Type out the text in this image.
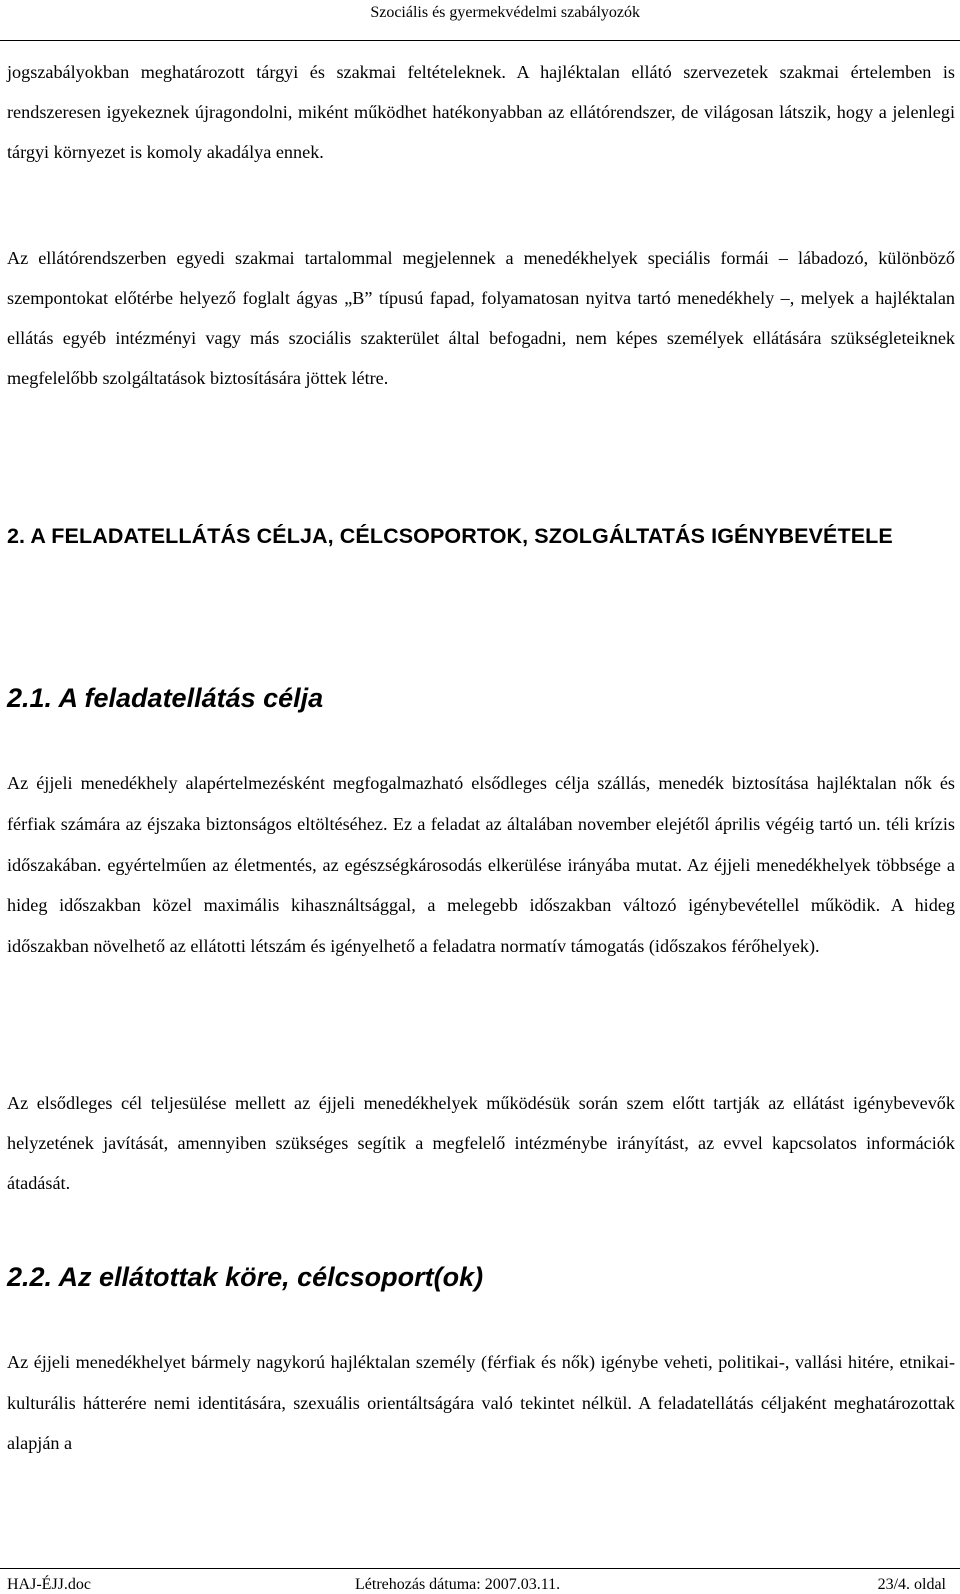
Szociális és gyermekvédelmi szabályozók

jogszabályokban meghatározott tárgyi és szakmai feltételeknek. A hajléktalan ellátó szervezetek szakmai értelemben is rendszeresen igyekeznek újragondolni, miként működhet hatékonyabban az ellátórendszer, de világosan látszik, hogy a jelenlegi tárgyi környezet is komoly akadálya ennek.

Az ellátórendszerben egyedi szakmai tartalommal megjelennek a menedékhelyek speciális formái – lábadozó, különböző szempontokat előtérbe helyező foglalt ágyas „B” típusú fapad, folyamatosan nyitva tartó menedékhely –, melyek a hajléktalan ellátás egyéb intézményi vagy más szociális szakterület által befogadni, nem képes személyek ellátására szükségleteiknek megfelelőbb szolgáltatások biztosítására jöttek létre.

2. A FELADATELLÁTÁS CÉLJA, CÉLCSOPORTOK, SZOLGÁLTATÁS IGÉNYBEVÉTELE
2.1. A feladatellátás célja

Az éjjeli menedékhely alapértelmezésként megfogalmazható elsődleges célja szállás, menedék biztosítása hajléktalan nők és férfiak számára az éjszaka biztonságos eltöltéséhez. Ez a feladat az általában november elejétől április végéig tartó un. téli krízis időszakában. egyértelműen az életmentés, az egészségkárosodás elkerülése irányába mutat. Az éjjeli menedékhelyek többsége a hideg időszakban közel maximális kihasználtsággal, a melegebb időszakban változó igénybevétellel működik. A hideg időszakban növelhető az ellátotti létszám és igényelhető a feladatra normatív támogatás (időszakos férőhelyek).

Az elsődleges cél teljesülése mellett az éjjeli menedékhelyek működésük során szem előtt tartják az ellátást igénybevevők helyzetének javítását, amennyiben szükséges segítik a megfelelő intézménybe irányítást, az evvel kapcsolatos információk átadását.

2.2. Az ellátottak köre, célcsoport(ok)

Az éjjeli menedékhelyet bármely nagykorú hajléktalan személy (férfiak és nők) igénybe veheti, politikai-, vallási hitére, etnikai-kulturális hátterére nemi identitására, szexuális orientáltságára való tekintet nélkül. A feladatellátás céljaként meghatározottak alapján a

HAJ-ÉJJ.doc	Létrehozás dátuma: 2007.03.11.	23/4. oldal
